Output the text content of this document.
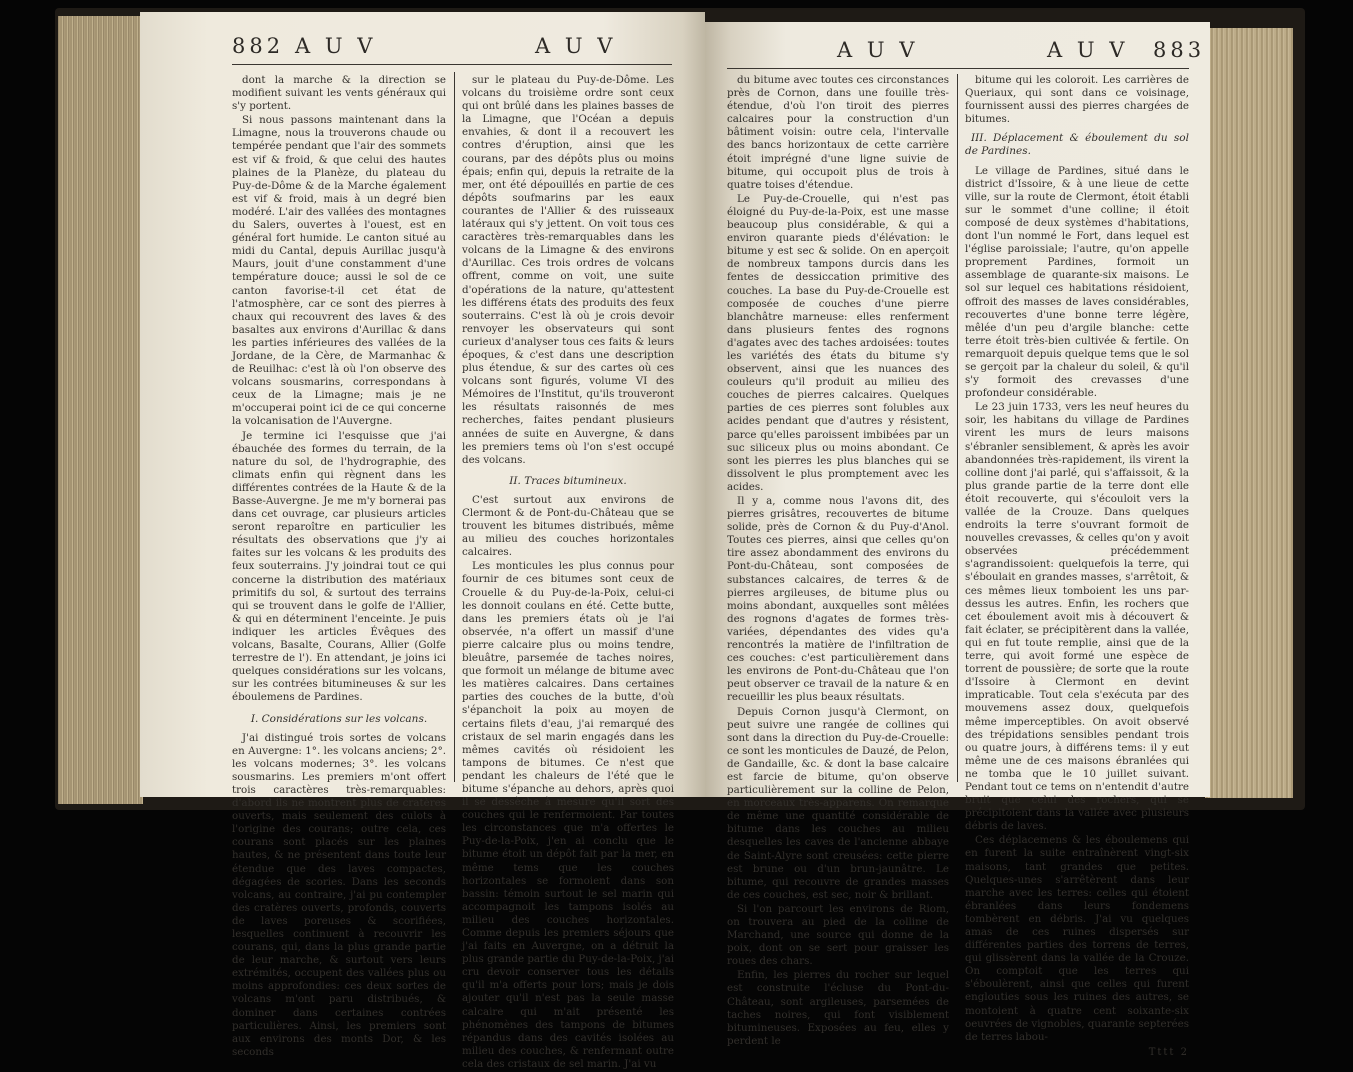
882 A U V	A U V

dont la marche & la direction se modifient suivant les vents généraux qui s'y portent.

Si nous passons maintenant dans la Limagne, nous la trouverons chaude ou tempérée pendant que l'air des sommets est vif & froid, & que celui des hautes plaines de la Planèze, du plateau du Puy-de-Dôme & de la Marche également est vif & froid, mais à un degré bien modéré. L'air des vallées des montagnes du Salers, ouvertes à l'ouest, est en général fort humide. Le canton situé au midi du Cantal, depuis Aurillac jusqu'à Maurs, jouit d'une constamment d'une température douce; aussi le sol de ce canton favorise-t-il cet état de l'atmosphère, car ce sont des pierres à chaux qui recouvrent des laves & des basaltes aux environs d'Aurillac & dans les parties inférieures des vallées de la Jordane, de la Cère, de Marmanhac & de Reuilhac: c'est là où l'on observe des volcans sousmarins, correspondans à ceux de la Limagne; mais je ne m'occuperai point ici de ce qui concerne la volcanisation de l'Auvergne.

Je termine ici l'esquisse que j'ai ébauchée des formes du terrain, de la nature du sol, de l'hydrographie, des climats enfin qui règnent dans les différentes contrées de la Haute & de la Basse-Auvergne. Je me m'y bornerai pas dans cet ouvrage, car plusieurs articles seront reparoître en particulier les résultats des observations que j'y ai faites sur les volcans & les produits des feux souterrains. J'y joindrai tout ce qui concerne la distribution des matériaux primitifs du sol, & surtout des terrains qui se trouvent dans le golfe de l'Allier, & qui en déterminent l'enceinte. Je puis indiquer les articles Évêques des volcans, Basalte, Courans, Allier (Golfe terrestre de l'). En attendant, je joins ici quelques considérations sur les volcans, sur les contrées bitumineuses & sur les éboulemens de Pardines.

I. Considérations sur les volcans.

J'ai distingué trois sortes de volcans en Auvergne: 1°. les volcans anciens; 2°. les volcans modernes; 3°. les volcans sousmarins. Les premiers m'ont offert trois caractères très-remarquables: d'abord ils ne montrent plus de cratères ouverts, mais seulement des culots à l'origine des courans; outre cela, ces courans sont placés sur les plaines hautes, & ne présentent dans toute leur étendue que des laves compactes, dégagées de scories. Dans les seconds volcans, au contraire, j'ai pu contempler des cratères ouverts, profonds, couverts de laves poreuses & scorifiées, lesquelles continuent à recouvrir les courans, qui, dans la plus grande partie de leur marche, & surtout vers leurs extrémités, occupent des vallées plus ou moins approfondies: ces deux sortes de volcans m'ont paru distribués, & dominer dans certaines contrées particulières. Ainsi, les premiers sont aux environs des monts Dor, & les seconds

sur le plateau du Puy-de-Dôme. Les volcans du troisième ordre sont ceux qui ont brûlé dans les plaines basses de la Limagne, que l'Océan a depuis envahies, & dont il a recouvert les contres d'éruption, ainsi que les courans, par des dépôts plus ou moins épais; enfin qui, depuis la retraite de la mer, ont été dépouillés en partie de ces dépôts soufmarins par les eaux courantes de l'Allier & des ruisseaux latéraux qui s'y jettent. On voit tous ces caractères très-remarquables dans les volcans de la Limagne & des environs d'Aurillac. Ces trois ordres de volcans offrent, comme on voit, une suite d'opérations de la nature, qu'attestent les différens états des produits des feux souterrains. C'est là où je crois devoir renvoyer les observateurs qui sont curieux d'analyser tous ces faits & leurs époques, & c'est dans une description plus étendue, & sur des cartes où ces volcans sont figurés, volume VI des Mémoires de l'Institut, qu'ils trouveront les résultats raisonnés de mes recherches, faites pendant plusieurs années de suite en Auvergne, & dans les premiers tems où l'on s'est occupé des volcans.

II. Traces bitumineux.

C'est surtout aux environs de Clermont & de Pont-du-Château que se trouvent les bitumes distribués, même au milieu des couches horizontales calcaires.

Les monticules les plus connus pour fournir de ces bitumes sont ceux de Crouelle & du Puy-de-la-Poix, celui-ci les donnoit coulans en été. Cette butte, dans les premiers états où je l'ai observée, n'a offert un massif d'une pierre calcaire plus ou moins tendre, bleuâtre, parsemée de taches noires, que formoit un mélange de bitume avec les matières calcaires. Dans certaines parties des couches de la butte, d'où s'épanchoit la poix au moyen de certains filets d'eau, j'ai remarqué des cristaux de sel marin engagés dans les mêmes cavités où résidoient les tampons de bitumes. Ce n'est que pendant les chaleurs de l'été que le bitume s'épanche au dehors, après quoi il se dessèche à mesure qu'il sort des couches qui le renfermoient. Par toutes les circonstances que m'a offertes le Puy-de-la-Poix, j'en ai conclu que le bitume étoit un dépôt fait par la mer, en même tems que les couches horizontales se formoient dans son bassin: témoin surtout le sel marin qui accompagnoit les tampons isolés au milieu des couches horizontales. Comme depuis les premiers séjours que j'ai faits en Auvergne, on a détruit la plus grande partie du Puy-de-la-Poix, j'ai cru devoir conserver tous les détails qu'il m'a offerts pour lors; mais je dois ajouter qu'il n'est pas la seule masse calcaire qui m'ait présenté les phénomènes des tampons de bitumes répandus dans des cavités isolées au milieu des couches, & renfermant outre cela des cristaux de sel marin. J'ai vu

A U V	A U V 883

du bitume avec toutes ces circonstances près de Cornon, dans une fouille très-étendue, d'où l'on tiroit des pierres calcaires pour la construction d'un bâtiment voisin: outre cela, l'intervalle des bancs horizontaux de cette carrière étoit imprégné d'une ligne suivie de bitume, qui occupoit plus de trois à quatre toises d'étendue.

Le Puy-de-Crouelle, qui n'est pas éloigné du Puy-de-la-Poix, est une masse beaucoup plus considérable, & qui a environ quarante pieds d'élévation: le bitume y est sec & solide. On en aperçoit de nombreux tampons durcis dans les fentes de dessiccation primitive des couches. La base du Puy-de-Crouelle est composée de couches d'une pierre blanchâtre marneuse: elles renferment dans plusieurs fentes des rognons d'agates avec des taches ardoisées: toutes les variétés des états du bitume s'y observent, ainsi que les nuances des couleurs qu'il produit au milieu des couches de pierres calcaires. Quelques parties de ces pierres sont folubles aux acides pendant que d'autres y résistent, parce qu'elles paroissent imbibées par un suc siliceux plus ou moins abondant. Ce sont les pierres les plus blanches qui se dissolvent le plus promptement avec les acides.

Il y a, comme nous l'avons dit, des pierres grisâtres, recouvertes de bitume solide, près de Cornon & du Puy-d'Anol. Toutes ces pierres, ainsi que celles qu'on tire assez abondamment des environs du Pont-du-Château, sont composées de substances calcaires, de terres & de pierres argileuses, de bitume plus ou moins abondant, auxquelles sont mêlées des rognons d'agates de formes très-variées, dépendantes des vides qu'a rencontrés la matière de l'infiltration de ces couches: c'est particulièrement dans les environs de Pont-du-Château que l'on peut observer ce travail de la nature & en recueillir les plus beaux résultats.

Depuis Cornon jusqu'à Clermont, on peut suivre une rangée de collines qui sont dans la direction du Puy-de-Crouelle: ce sont les monticules de Dauzé, de Pelon, de Gandaille, &c. & dont la base calcaire est farcie de bitume, qu'on observe particulièrement sur la colline de Pelon, en morceaux très-apparens. On remarque de même une quantité considérable de bitume dans les couches au milieu desquelles les caves de l'ancienne abbaye de Saint-Alyre sont creusées: cette pierre est brune ou d'un brun-jaunâtre. Le bitume, qui recouvre de grandes masses de ces couches, est sec, noir & brillant.

Si l'on parcourt les environs de Riom, on trouvera au pied de la colline de Marchand, une source qui donne de la poix, dont on se sert pour graisser les roues des chars.

Enfin, les pierres du rocher sur lequel est construite l'écluse du Pont-du-Château, sont argileuses, parsemées de taches noires, qui font visiblement bitumineuses. Exposées au feu, elles y perdent le

bitume qui les coloroit. Les carrières de Queriaux, qui sont dans ce voisinage, fournissent aussi des pierres chargées de bitumes.

III. Déplacement & éboulement du sol de Pardines.

Le village de Pardines, situé dans le district d'Issoire, & à une lieue de cette ville, sur la route de Clermont, étoit établi sur le sommet d'une colline; il étoit composé de deux systèmes d'habitations, dont l'un nommé le Fort, dans lequel est l'église paroissiale; l'autre, qu'on appelle proprement Pardines, formoit un assemblage de quarante-six maisons. Le sol sur lequel ces habitations résidoient, offroit des masses de laves considérables, recouvertes d'une bonne terre légère, mêlée d'un peu d'argile blanche: cette terre étoit très-bien cultivée & fertile. On remarquoit depuis quelque tems que le sol se gerçoit par la chaleur du soleil, & qu'il s'y formoit des crevasses d'une profondeur considérable.

Le 23 juin 1733, vers les neuf heures du soir, les habitans du village de Pardines virent les murs de leurs maisons s'ébranler sensiblement, & après les avoir abandonnées très-rapidement, ils virent la colline dont j'ai parlé, qui s'affaissoit, & la plus grande partie de la terre dont elle étoit recouverte, qui s'écouloit vers la vallée de la Crouze. Dans quelques endroits la terre s'ouvrant formoit de nouvelles crevasses, & celles qu'on y avoit observées précédemment s'agrandissoient: quelquefois la terre, qui s'éboulait en grandes masses, s'arrêtoit, & ces mêmes lieux tomboient les uns par-dessus les autres. Enfin, les rochers que cet éboulement avoit mis à découvert & fait éclater, se précipitèrent dans la vallée, qui en fut toute remplie, ainsi que de la terre, qui avoit formé une espèce de torrent de poussière; de sorte que la route d'Issoire à Clermont en devint impraticable. Tout cela s'exécuta par des mouvemens assez doux, quelquefois même imperceptibles. On avoit observé des trépidations sensibles pendant trois ou quatre jours, à différens tems: il y eut même une de ces maisons ébranlées qui ne tomba que le 10 juillet suivant. Pendant tout ce tems on n'entendit d'autre bruit que celui des rochers, qui se précipitoient dans la vallée avec plusieurs débris de laves.

Ces déplacemens & les éboulemens qui en furent la suite entraînèrent vingt-six maisons, tant grandes que petites. Quelques-unes s'arrêtèrent dans leur marche avec les terres: celles qui étoient ébranlées dans leurs fondemens tombèrent en débris. J'ai vu quelques amas de ces ruines dispersés sur différentes parties des torrens de terres, qui glissèrent dans la vallée de la Crouze. On comptoit que les terres qui s'éboulèrent, ainsi que celles qui furent englouties sous les ruines des autres, se montoient à quatre cent soixante-six oeuvrées de vignobles, quarante septerées de terres labou-

Tttt 2
